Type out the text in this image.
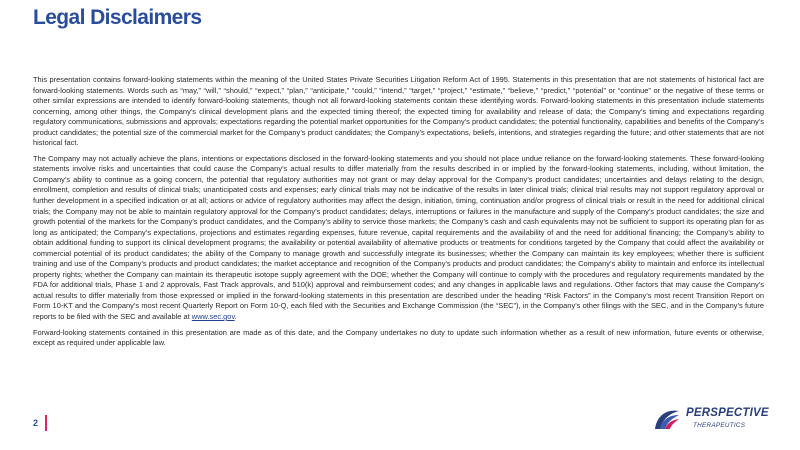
Legal Disclaimers

This presentation contains forward-looking statements within the meaning of the United States Private Securities Litigation Reform Act of 1995. Statements in this presentation that are not statements of historical fact are forward-looking statements. Words such as “may,” “will,” “should,” “expect,” “plan,” “anticipate,” “could,” “intend,” “target,” “project,” “estimate,” “believe,” “predict,” “potential” or “continue” or the negative of these terms or other similar expressions are intended to identify forward-looking statements, though not all forward-looking statements contain these identifying words. Forward-looking statements in this presentation include statements concerning, among other things, the Company’s clinical development plans and the expected timing thereof; the expected timing for availability and release of data; the Company’s timing and expectations regarding regulatory communications, submissions and approvals; expectations regarding the potential market opportunities for the Company’s product candidates; the potential functionality, capabilities and benefits of the Company’s product candidates; the potential size of the commercial market for the Company’s product candidates; the Company’s expectations, beliefs, intentions, and strategies regarding the future; and other statements that are not historical fact.

The Company may not actually achieve the plans, intentions or expectations disclosed in the forward-looking statements and you should not place undue reliance on the forward-looking statements. These forward-looking statements involve risks and uncertainties that could cause the Company’s actual results to differ materially from the results described in or implied by the forward-looking statements, including, without limitation, the Company’s ability to continue as a going concern, the potential that regulatory authorities may not grant or may delay approval for the Company’s product candidates; uncertainties and delays relating to the design, enrollment, completion and results of clinical trials; unanticipated costs and expenses; early clinical trials may not be indicative of the results in later clinical trials; clinical trial results may not support regulatory approval or further development in a specified indication or at all; actions or advice of regulatory authorities may affect the design, initiation, timing, continuation and/or progress of clinical trials or result in the need for additional clinical trials; the Company may not be able to maintain regulatory approval for the Company’s product candidates; delays, interruptions or failures in the manufacture and supply of the Company’s product candidates; the size and growth potential of the markets for the Company’s product candidates, and the Company’s ability to service those markets; the Company’s cash and cash equivalents may not be sufficient to support its operating plan for as long as anticipated; the Company’s expectations, projections and estimates regarding expenses, future revenue, capital requirements and the availability of and the need for additional financing; the Company’s ability to obtain additional funding to support its clinical development programs; the availability or potential availability of alternative products or treatments for conditions targeted by the Company that could affect the availability or commercial potential of its product candidates; the ability of the Company to manage growth and successfully integrate its businesses; whether the Company can maintain its key employees; whether there is sufficient training and use of the Company’s products and product candidates; the market acceptance and recognition of the Company’s products and product candidates; the Company’s ability to maintain and enforce its intellectual property rights; whether the Company can maintain its therapeutic isotope supply agreement with the DOE; whether the Company will continue to comply with the procedures and regulatory requirements mandated by the FDA for additional trials, Phase 1 and 2 approvals, Fast Track approvals, and 510(k) approval and reimbursement codes; and any changes in applicable laws and regulations. Other factors that may cause the Company’s actual results to differ materially from those expressed or implied in the forward-looking statements in this presentation are described under the heading “Risk Factors” in the Company’s most recent Transition Report on Form 10-KT and the Company’s most recent Quarterly Report on Form 10-Q, each filed with the Securities and Exchange Commission (the “SEC”), in the Company’s other filings with the SEC, and in the Company’s future reports to be filed with the SEC and available at www.sec.gov.

Forward-looking statements contained in this presentation are made as of this date, and the Company undertakes no duty to update such information whether as a result of new information, future events or otherwise, except as required under applicable law.

2
PERSPECTIVE
THERAPEUTICS
